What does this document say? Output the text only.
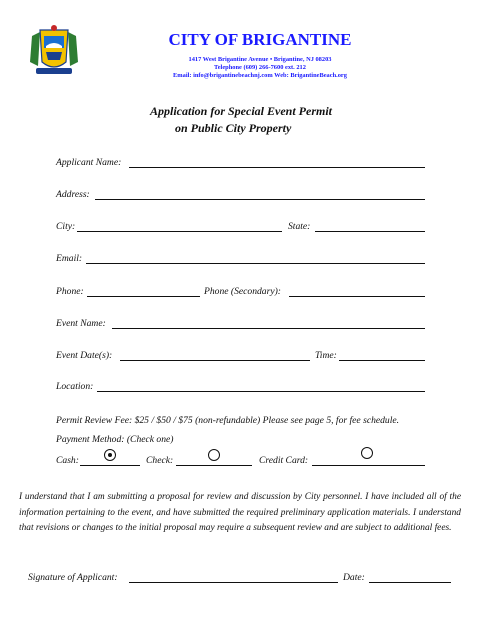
CITY OF BRIGANTINE
1417 West Brigantine Avenue • Brigantine, NJ 08203
Telephone (609) 266-7600 ext. 212
Email: info@brigantinebeachnj.com Web: BrigantineBeach.org
Application for Special Event Permit
on Public City Property
Applicant Name:
Address:
City:	State:
Email:
Phone:	Phone (Secondary):
Event Name:
Event Date(s):	Time:
Location:
Permit Review Fee: $25 / $50 / $75 (non-refundable) Please see page 5, for fee schedule.
Payment Method: (Check one)
Cash:	Check:	Credit Card:
I understand that I am submitting a proposal for review and discussion by City personnel. I have included all of the information pertaining to the event, and have submitted the required preliminary application materials. I understand that revisions or changes to the initial proposal may require a subsequent review and are subject to additional fees.
Signature of Applicant:	Date:
